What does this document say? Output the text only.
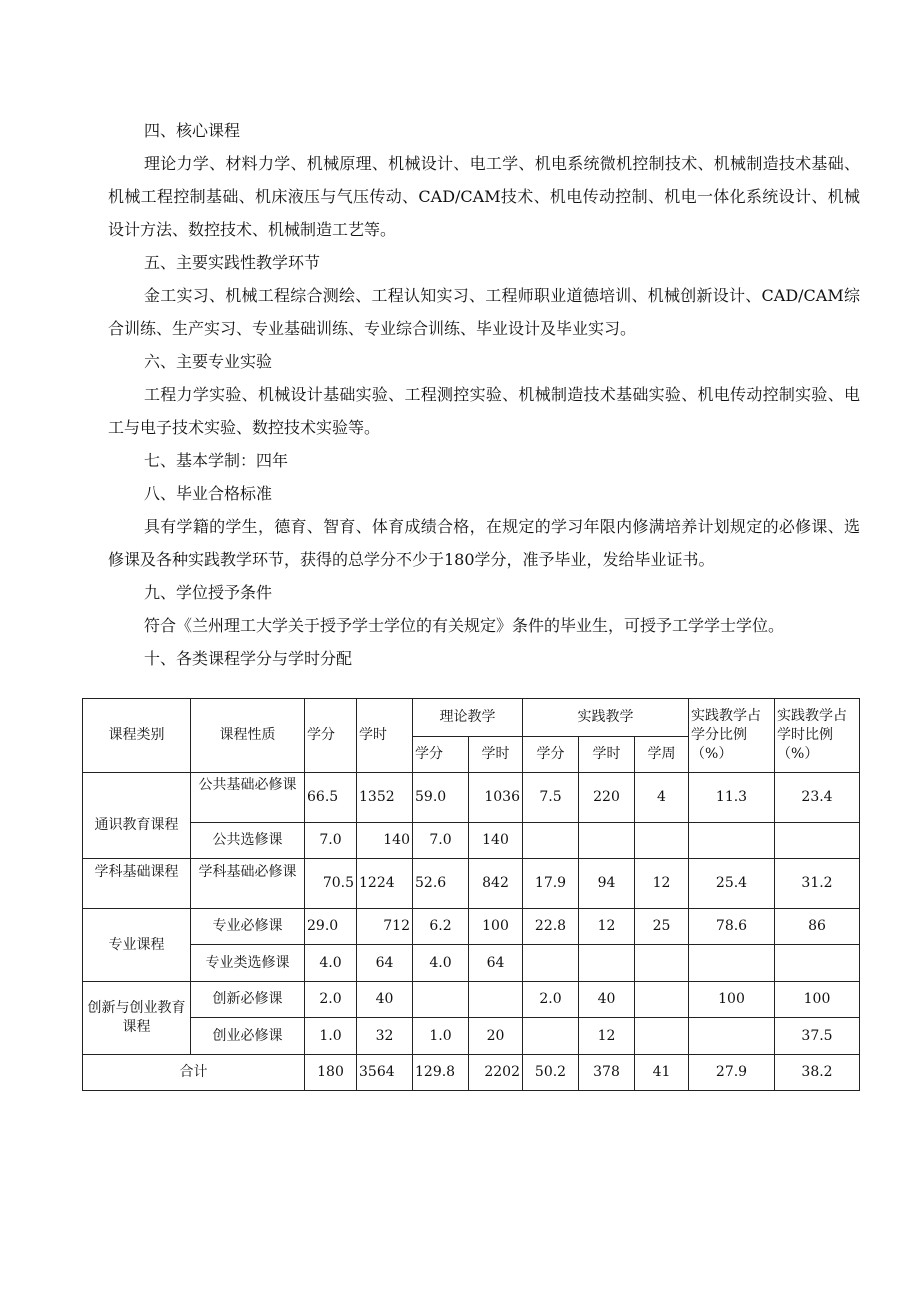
四、核心课程

理论力学、材料力学、机械原理、机械设计、电工学、机电系统微机控制技术、机械制造技术基础、机械工程控制基础、机床液压与气压传动、CAD/CAM技术、机电传动控制、机电一体化系统设计、机械设计方法、数控技术、机械制造工艺等。

五、主要实践性教学环节

金工实习、机械工程综合测绘、工程认知实习、工程师职业道德培训、机械创新设计、CAD/CAM综合训练、生产实习、专业基础训练、专业综合训练、毕业设计及毕业实习。

六、主要专业实验

工程力学实验、机械设计基础实验、工程测控实验、机械制造技术基础实验、机电传动控制实验、电工与电子技术实验、数控技术实验等。

七、基本学制：四年

八、毕业合格标准

具有学籍的学生，德育、智育、体育成绩合格，在规定的学习年限内修满培养计划规定的必修课、选修课及各种实践教学环节，获得的总学分不少于180学分，准予毕业，发给毕业证书。

九、学位授予条件

符合《兰州理工大学关于授予学士学位的有关规定》条件的毕业生，可授予工学学士学位。

十、各类课程学分与学时分配

课程类别	课程性质	学分	学时	理论教学		实践教学			实践教学占学分比例（%）	实践教学占学时比例（%）
				学分	学时	学分	学时	学周		
通识教育课程	公共基础必修课	66.5	1352	59.0	1036	7.5	220	4	11.3	23.4
	公共选修课	7.0	140	7.0	140					
学科基础课程	学科基础必修课	70.5	1224	52.6	842	17.9	94	12	25.4	31.2
专业课程	专业必修课	29.0	712	6.2	100	22.8	12	25	78.6	86
	专业类选修课	4.0	64	4.0	64					
创新与创业教育课程	创新必修课	2.0	40			2.0	40		100	100
	创业必修课	1.0	32	1.0	20		12			37.5
合计		180	3564	129.8	2202	50.2	378	41	27.9	38.2
